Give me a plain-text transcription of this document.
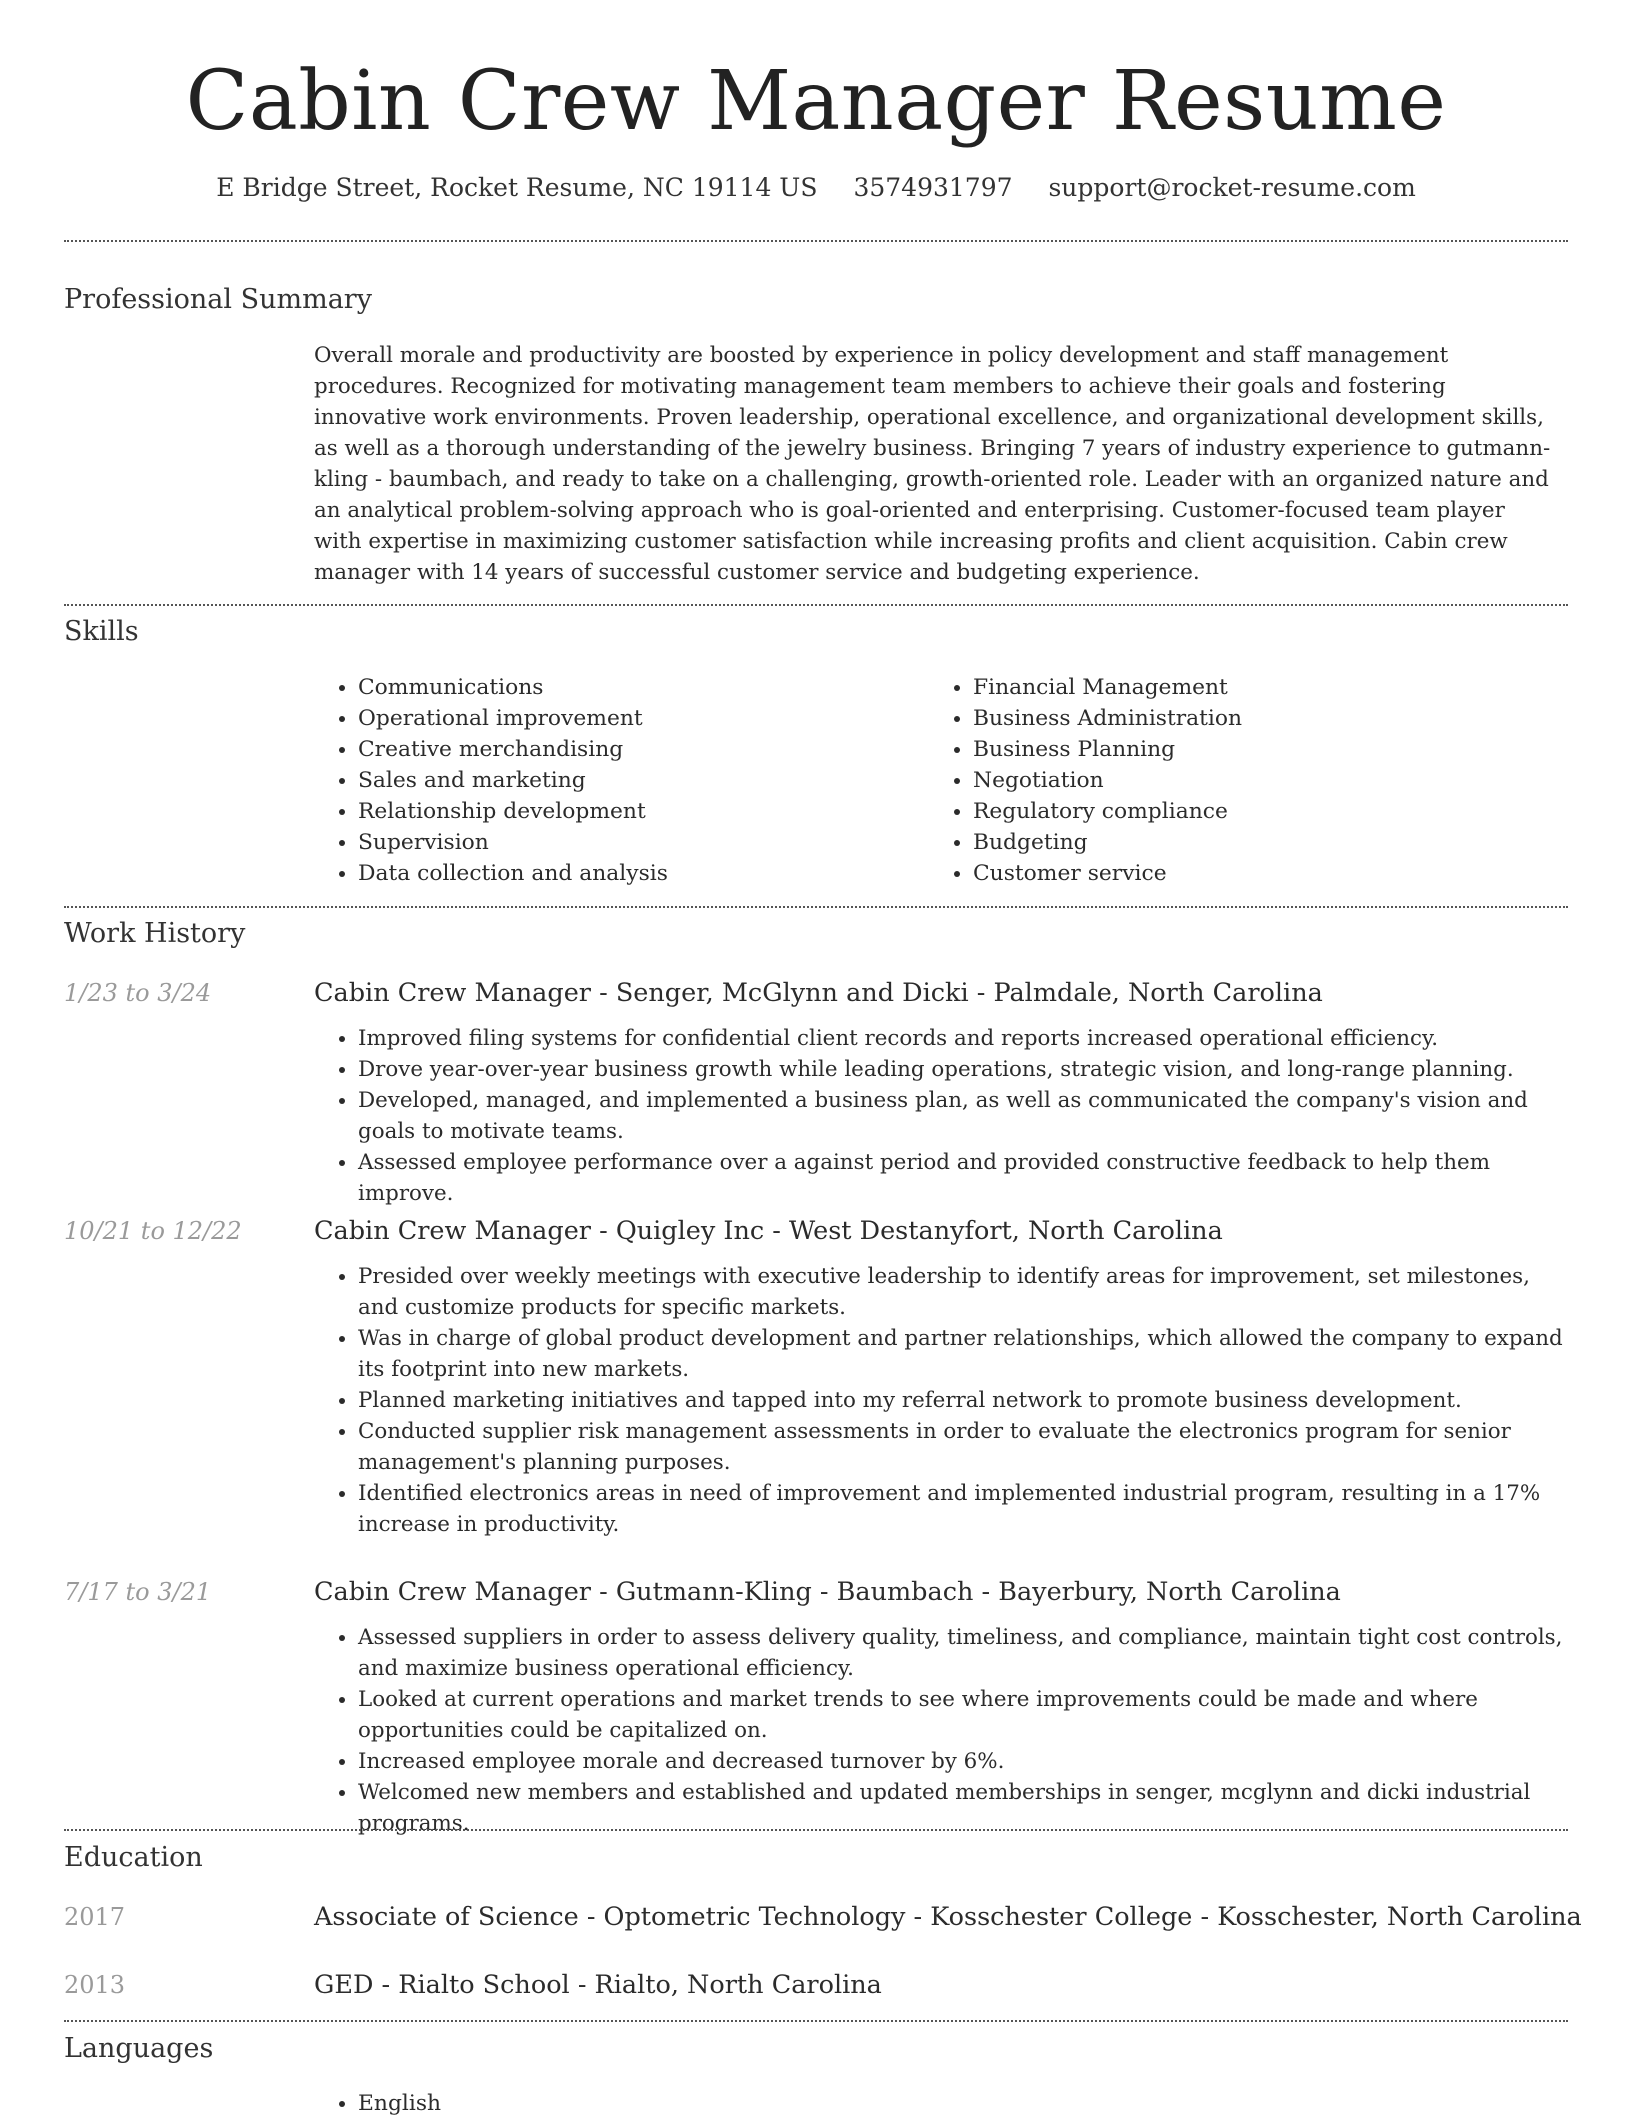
Cabin Crew Manager Resume
E Bridge Street, Rocket Resume, NC 19114 US 3574931797 support@rocket-resume.com
Professional Summary

Overall morale and productivity are boosted by experience in policy development and staff management procedures. Recognized for motivating management team members to achieve their goals and fostering innovative work environments. Proven leadership, operational excellence, and organizational development skills, as well as a thorough understanding of the jewelry business. Bringing 7 years of industry experience to gutmann-kling - baumbach, and ready to take on a challenging, growth-oriented role. Leader with an organized nature and an analytical problem-solving approach who is goal-oriented and enterprising. Customer-focused team player with expertise in maximizing customer satisfaction while increasing profits and client acquisition. Cabin crew manager with 14 years of successful customer service and budgeting experience.

Skills
• Communications
• Operational improvement
• Creative merchandising
• Sales and marketing
• Relationship development
• Supervision
• Data collection and analysis
• Financial Management
• Business Administration
• Business Planning
• Negotiation
• Regulatory compliance
• Budgeting
• Customer service
Work History
1/23 to 3/24	Cabin Crew Manager - Senger, McGlynn and Dicki - Palmdale, North Carolina
• Improved filing systems for confidential client records and reports increased operational efficiency.
• Drove year-over-year business growth while leading operations, strategic vision, and long-range planning.
• Developed, managed, and implemented a business plan, as well as communicated the company's vision and goals to motivate teams.
• Assessed employee performance over a against period and provided constructive feedback to help them improve.
10/21 to 12/22	Cabin Crew Manager - Quigley Inc - West Destanyfort, North Carolina
• Presided over weekly meetings with executive leadership to identify areas for improvement, set milestones, and customize products for specific markets.
• Was in charge of global product development and partner relationships, which allowed the company to expand its footprint into new markets.
• Planned marketing initiatives and tapped into my referral network to promote business development.
• Conducted supplier risk management assessments in order to evaluate the electronics program for senior management's planning purposes.
• Identified electronics areas in need of improvement and implemented industrial program, resulting in a 17% increase in productivity.
7/17 to 3/21	Cabin Crew Manager - Gutmann-Kling - Baumbach - Bayerbury, North Carolina
• Assessed suppliers in order to assess delivery quality, timeliness, and compliance, maintain tight cost controls, and maximize business operational efficiency.
• Looked at current operations and market trends to see where improvements could be made and where opportunities could be capitalized on.
• Increased employee morale and decreased turnover by 6%.
• Welcomed new members and established and updated memberships in senger, mcglynn and dicki industrial programs.
Education
2017	Associate of Science - Optometric Technology - Kosschester College - Kosschester, North Carolina
2013	GED - Rialto School - Rialto, North Carolina
Languages
• English
